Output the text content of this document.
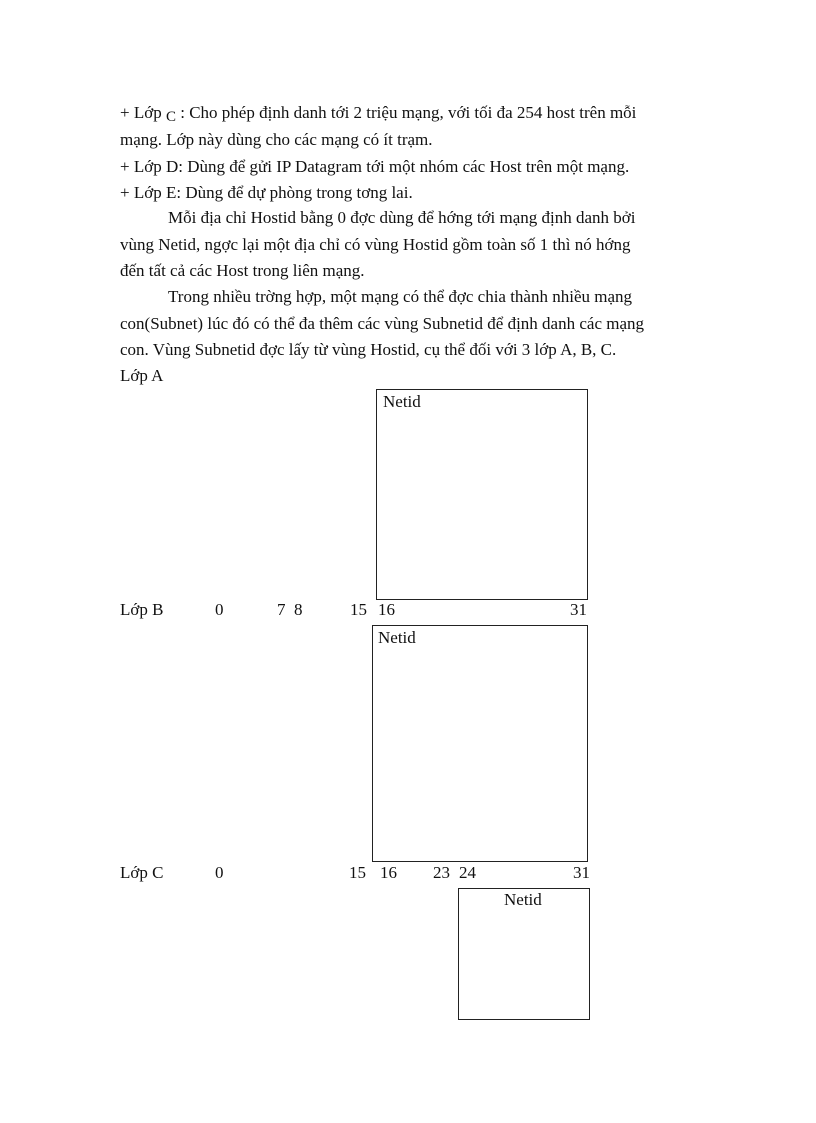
+ Lớp C : Cho phép định danh tới 2 triệu mạng, với tối đa 254 host trên mỗi
mạng. Lớp này dùng cho các mạng có ít trạm.
+ Lớp D: Dùng để gửi IP Datagram tới một nhóm các Host trên một mạng.
+ Lớp E: Dùng để dự phòng trong tơng lai.
Mỗi địa chỉ Hostid bằng 0 đợc dùng để hớng tới mạng định danh bởi
vùng Netid, ngợc lại một địa chỉ có vùng Hostid gồm toàn số 1 thì nó hớng
đến tất cả các Host trong liên mạng.
Trong nhiều trờng hợp, một mạng có thể đợc chia thành nhiều mạng
con(Subnet) lúc đó có thể đa thêm các vùng Subnetid để định danh các mạng
con. Vùng Subnetid đợc lấy từ vùng Hostid, cụ thể đối với 3 lớp A, B, C.
Lớp A
Netid
Lớp B	0	7 8	15 16	31
Netid
Lớp C	0	15 16 23 24	31
Netid
